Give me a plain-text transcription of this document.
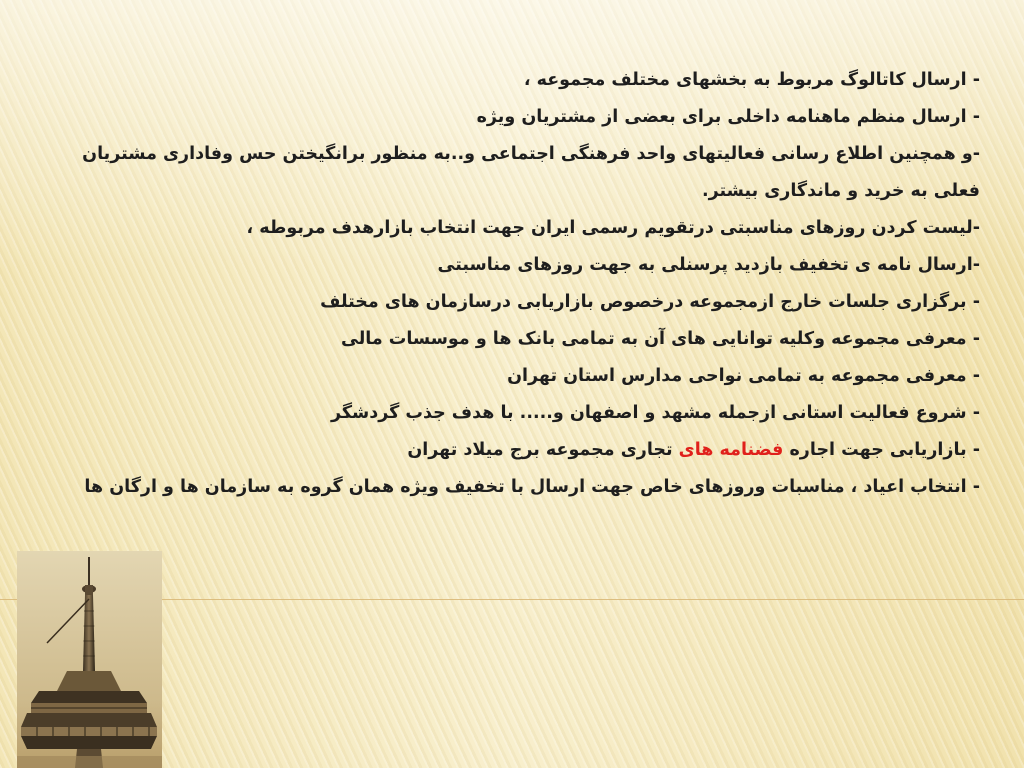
- ارسال کاتالوگ مربوط به بخشهای مختلف مجموعه ،

- ارسال منظم ماهنامه داخلی برای بعضی از مشتریان ویژه

-و همچنین اطلاع رسانی فعالیتهای واحد فرهنگی اجتماعی و..به منظور برانگیختن حس وفاداری مشتریان فعلی به خرید و ماندگاری بیشتر.

-لیست کردن روزهای مناسبتی درتقویم رسمی ایران جهت انتخاب بازارهدف مربوطه ،

-ارسال نامه ی تخفیف بازدید پرسنلی به جهت روزهای مناسبتی

- برگزاری جلسات خارج ازمجموعه درخصوص بازاریابی درسازمان های مختلف

- معرفی مجموعه وکلیه توانایی های آن به تمامی بانک ها و موسسات مالی

- معرفی مجموعه به تمامی نواحی مدارس استان تهران

- شروع فعالیت استانی ازجمله مشهد و اصفهان و..... با هدف جذب گردشگر

- بازاریابی جهت اجاره فضنامه های تجاری مجموعه برج میلاد تهران

- انتخاب اعیاد ، مناسبات وروزهای خاص جهت ارسال با تخفیف ویژه همان گروه به سازمان ها و ارگان ها
